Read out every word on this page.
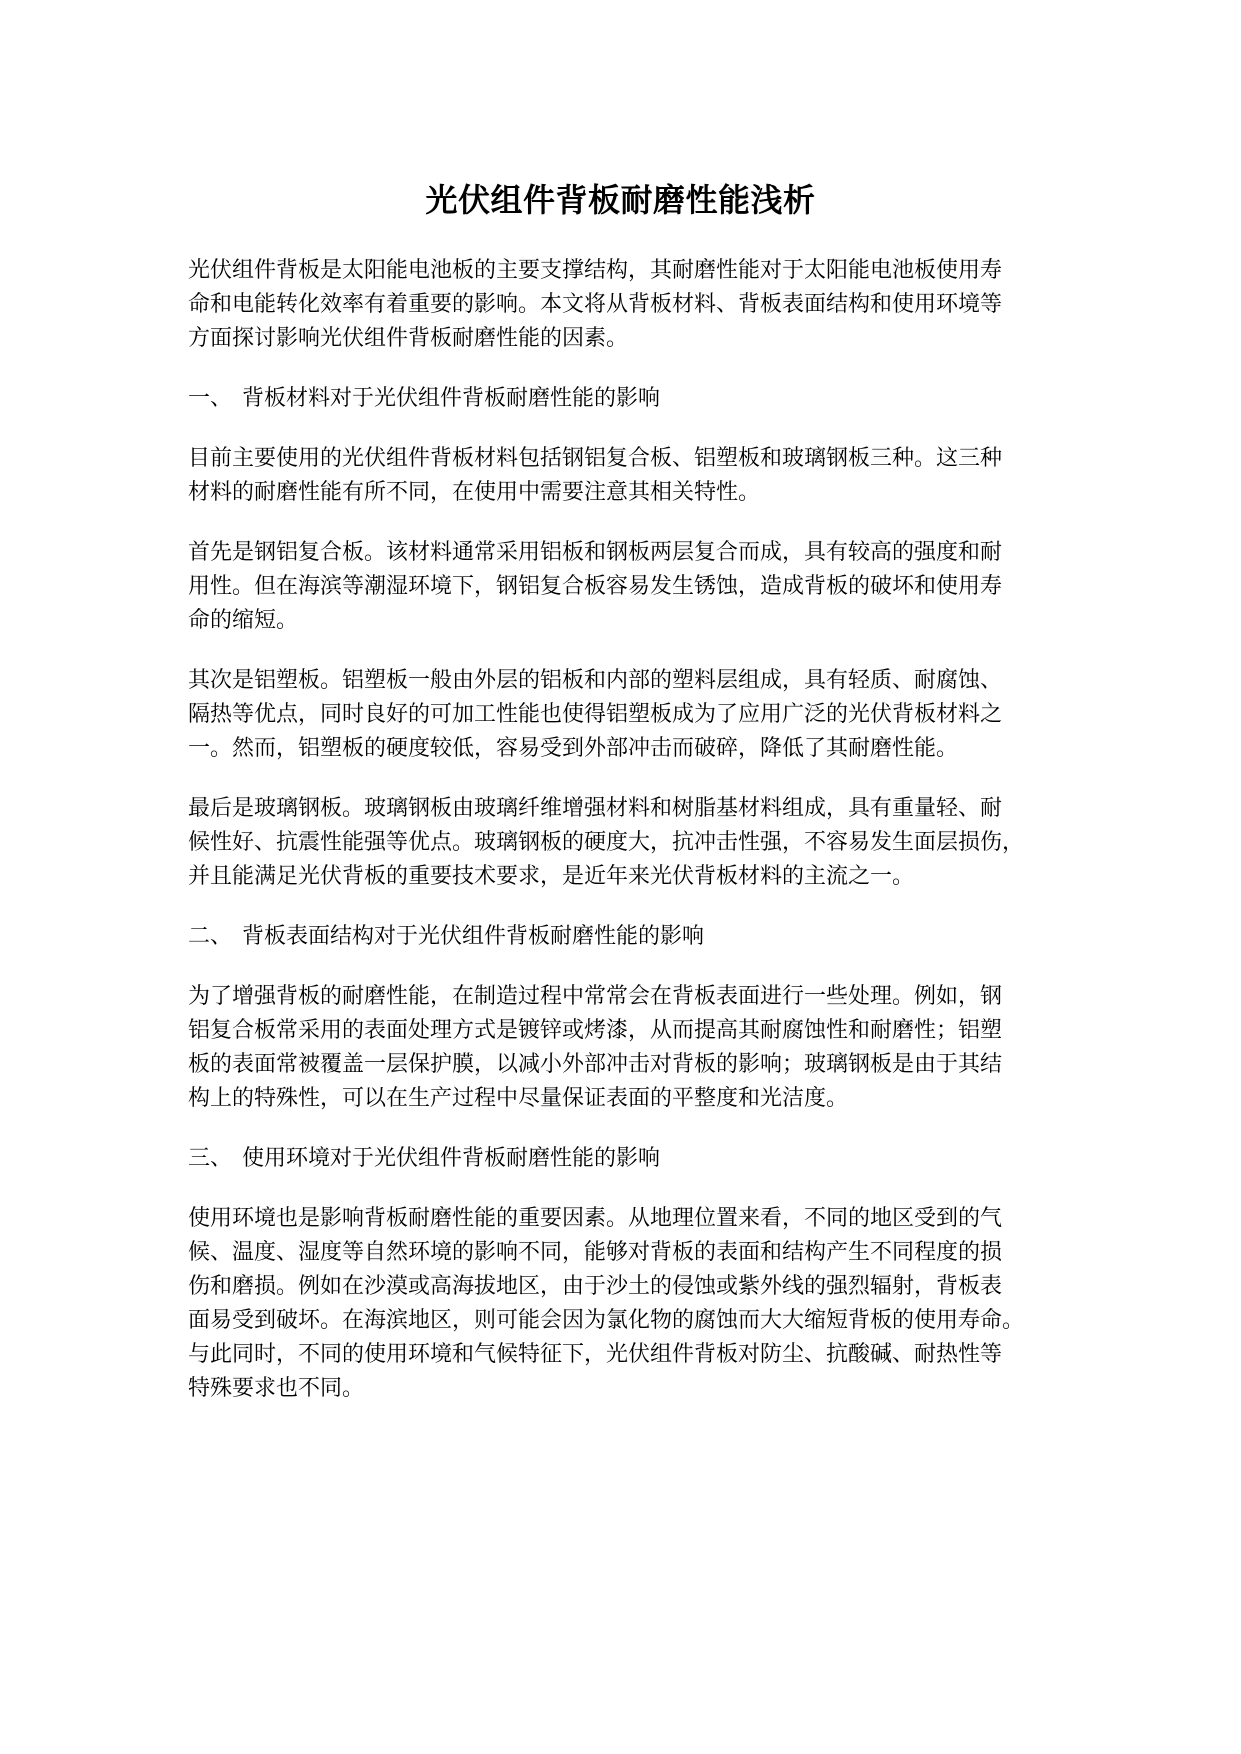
光伏组件背板耐磨性能浅析
光伏组件背板是太阳能电池板的主要支撑结构，其耐磨性能对于太阳能电池板使用寿
命和电能转化效率有着重要的影响。本文将从背板材料、背板表面结构和使用环境等
方面探讨影响光伏组件背板耐磨性能的因素。
一、 背板材料对于光伏组件背板耐磨性能的影响
目前主要使用的光伏组件背板材料包括钢铝复合板、铝塑板和玻璃钢板三种。这三种
材料的耐磨性能有所不同，在使用中需要注意其相关特性。
首先是钢铝复合板。该材料通常采用铝板和钢板两层复合而成，具有较高的强度和耐
用性。但在海滨等潮湿环境下，钢铝复合板容易发生锈蚀，造成背板的破坏和使用寿
命的缩短。
其次是铝塑板。铝塑板一般由外层的铝板和内部的塑料层组成，具有轻质、耐腐蚀、
隔热等优点，同时良好的可加工性能也使得铝塑板成为了应用广泛的光伏背板材料之
一。然而，铝塑板的硬度较低，容易受到外部冲击而破碎，降低了其耐磨性能。
最后是玻璃钢板。玻璃钢板由玻璃纤维增强材料和树脂基材料组成，具有重量轻、耐
候性好、抗震性能强等优点。玻璃钢板的硬度大，抗冲击性强，不容易发生面层损伤，
并且能满足光伏背板的重要技术要求，是近年来光伏背板材料的主流之一。
二、 背板表面结构对于光伏组件背板耐磨性能的影响
为了增强背板的耐磨性能，在制造过程中常常会在背板表面进行一些处理。例如，钢
铝复合板常采用的表面处理方式是镀锌或烤漆，从而提高其耐腐蚀性和耐磨性；铝塑
板的表面常被覆盖一层保护膜，以减小外部冲击对背板的影响；玻璃钢板是由于其结
构上的特殊性，可以在生产过程中尽量保证表面的平整度和光洁度。
三、 使用环境对于光伏组件背板耐磨性能的影响
使用环境也是影响背板耐磨性能的重要因素。从地理位置来看，不同的地区受到的气
候、温度、湿度等自然环境的影响不同，能够对背板的表面和结构产生不同程度的损
伤和磨损。例如在沙漠或高海拔地区，由于沙土的侵蚀或紫外线的强烈辐射，背板表
面易受到破坏。在海滨地区，则可能会因为氯化物的腐蚀而大大缩短背板的使用寿命。
与此同时，不同的使用环境和气候特征下，光伏组件背板对防尘、抗酸碱、耐热性等
特殊要求也不同。
